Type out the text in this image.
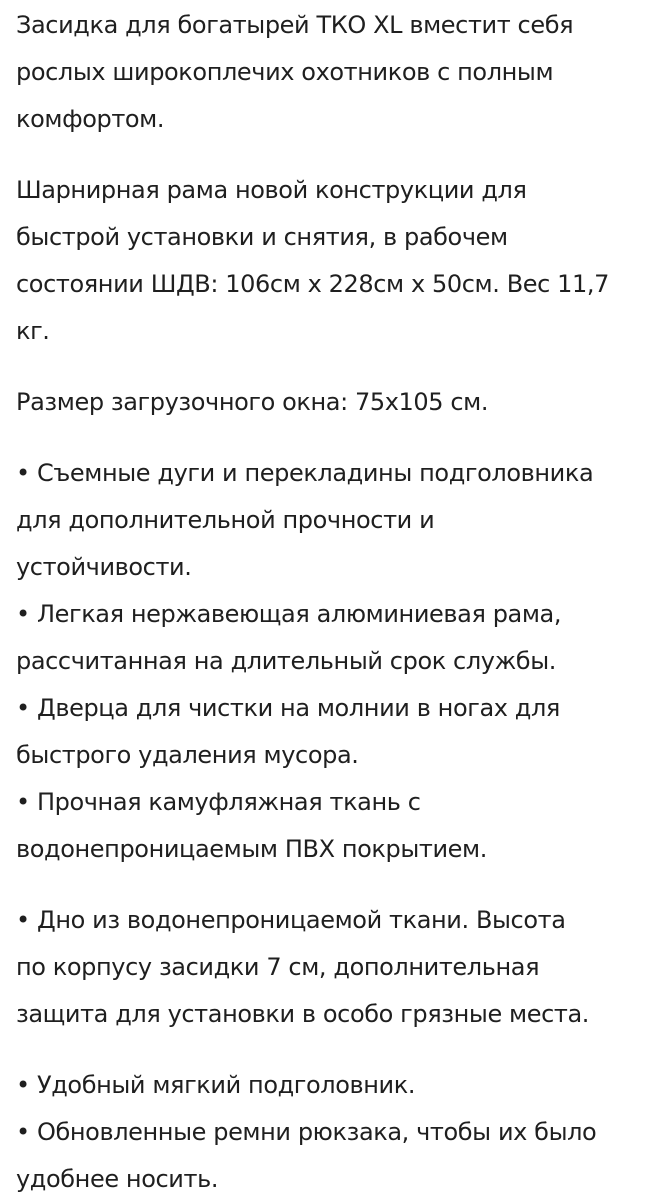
Засидка для богатырей ТКО XL вместит себя
рослых широкоплечих охотников с полным
комфортом.

Шарнирная рама новой конструкции для
быстрой установки и снятия, в рабочем
состоянии ШДВ: 106см х 228см х 50см. Вес 11,7
кг.

Размер загрузочного окна: 75х105 см.

• Съемные дуги и перекладины подголовника
для дополнительной прочности и
устойчивости.
• Легкая нержавеющая алюминиевая рама,
рассчитанная на длительный срок службы.
• Дверца для чистки на молнии в ногах для
быстрого удаления мусора.
• Прочная камуфляжная ткань с
водонепроницаемым ПВХ покрытием.

• Дно из водонепроницаемой ткани. Высота
по корпусу засидки 7 см, дополнительная
защита для установки в особо грязные места.

• Удобный мягкий подголовник.
• Обновленные ремни рюкзака, чтобы их было
удобнее носить.
